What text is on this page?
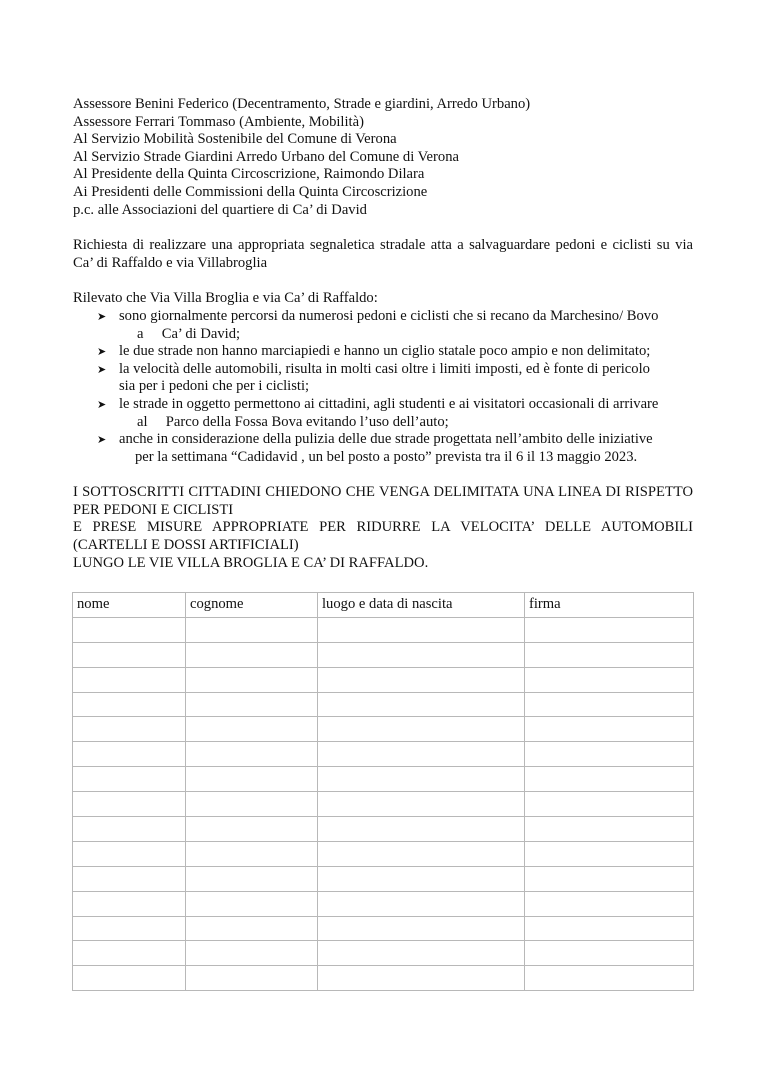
Assessore Benini Federico (Decentramento, Strade e giardini, Arredo Urbano)
Assessore Ferrari Tommaso (Ambiente, Mobilità)
Al Servizio Mobilità Sostenibile del Comune di Verona
Al Servizio Strade Giardini Arredo Urbano del Comune di Verona
Al Presidente della Quinta Circoscrizione, Raimondo Dilara
Ai Presidenti delle Commissioni della Quinta Circoscrizione
p.c. alle Associazioni del quartiere di Ca’ di David
Richiesta di realizzare una appropriata segnaletica stradale atta a salvaguardare pedoni e ciclisti su via Ca’ di Raffaldo e via Villabroglia
Rilevato che Via Villa Broglia e via Ca’ di Raffaldo:
➤ sono giornalmente percorsi da numerosi pedoni e ciclisti che si recano da Marchesino/ Bovo
a     Ca’ di David;
➤ le due strade non hanno marciapiedi e hanno un ciglio statale poco ampio e non delimitato;
➤ la velocità delle automobili, risulta in molti casi oltre i limiti imposti, ed è fonte di pericolo
sia per i pedoni che per i ciclisti;
➤ le strade in oggetto permettono ai cittadini, agli studenti e ai visitatori occasionali di arrivare
al     Parco della Fossa Bova evitando l’uso dell’auto;
➤ anche in considerazione della pulizia delle due strade progettata nell’ambito delle iniziative
per la settimana “Cadidavid , un bel posto a posto” prevista tra il 6 il 13 maggio 2023.
I SOTTOSCRITTI CITTADINI CHIEDONO CHE VENGA DELIMITATA UNA LINEA DI RISPETTO PER PEDONI E CICLISTI
E PRESE MISURE APPROPRIATE PER RIDURRE LA VELOCITA’ DELLE AUTOMOBILI (CARTELLI E DOSSI ARTIFICIALI)
LUNGO LE VIE VILLA BROGLIA E CA’ DI RAFFALDO.
nome	cognome	luogo e data di nascita	firma
